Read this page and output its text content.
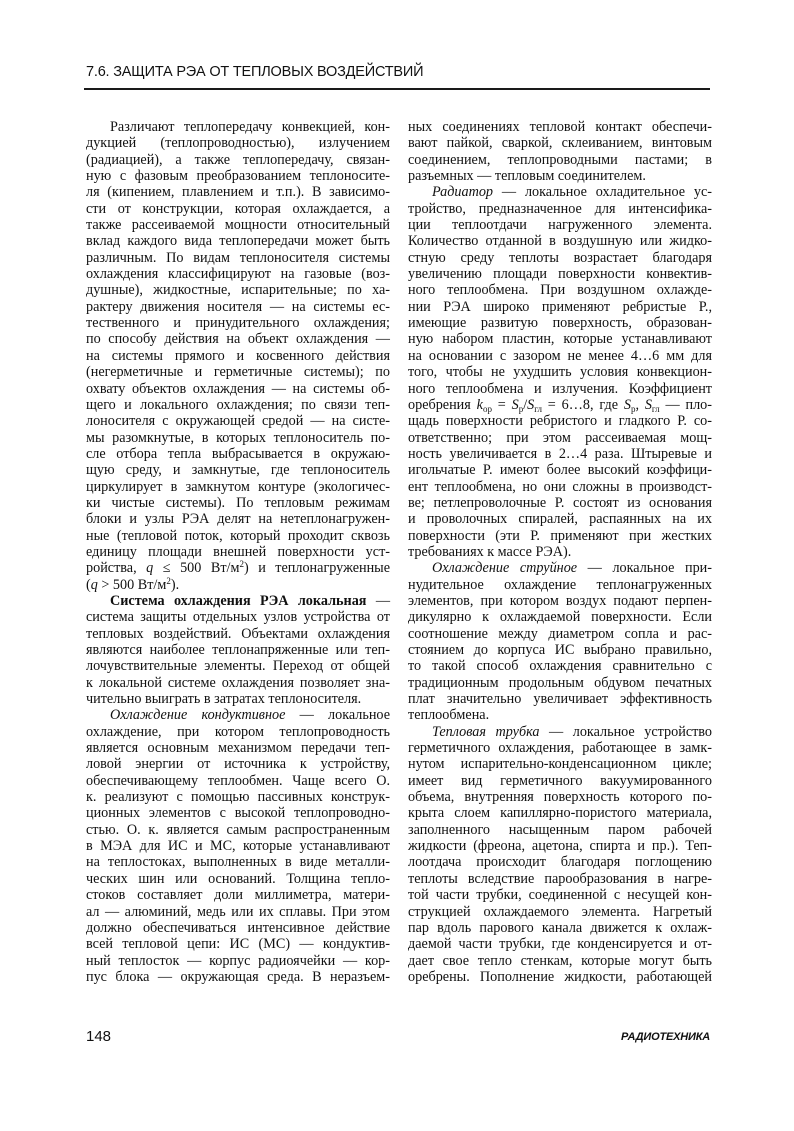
7.6. ЗАЩИТА РЭА ОТ ТЕПЛОВЫХ ВОЗДЕЙСТВИЙ
Различают теплопередачу конвекцией, кон-
дукцией (теплопроводностью), излучением
(радиацией), а также теплопередачу, связан-
ную с фазовым преобразованием теплоносите-
ля (кипением, плавлением и т.п.). В зависимо-
сти от конструкции, которая охлаждается, а
также рассеиваемой мощности относительный
вклад каждого вида теплопередачи может быть
различным. По видам теплоносителя системы
охлаждения классифицируют на газовые (воз-
душные), жидкостные, испарительные; по ха-
рактеру движения носителя — на системы ес-
тественного и принудительного охлаждения;
по способу действия на объект охлаждения —
на системы прямого и косвенного действия
(негерметичные и герметичные системы); по
охвату объектов охлаждения — на системы об-
щего и локального охлаждения; по связи теп-
лоносителя с окружающей средой — на систе-
мы разомкнутые, в которых теплоноситель по-
сле отбора тепла выбрасывается в окружаю-
щую среду, и замкнутые, где теплоноситель
циркулирует в замкнутом контуре (экологичес-
ки чистые системы). По тепловым режимам
блоки и узлы РЭА делят на нетеплонагружен-
ные (тепловой поток, который проходит сквозь
единицу площади внешней поверхности уст-
ройства, q ≤ 500 $Вт/м^2$) и теплонагруженные
(q > 500 $Вт/м^2$).
Система охлаждения РЭА локальная —
система защиты отдельных узлов устройства от
тепловых воздействий. Объектами охлаждения
являются наиболее теплонапряженные или теп-
лочувствительные элементы. Переход от общей
к локальной системе охлаждения позволяет зна-
чительно выиграть в затратах теплоносителя.
Охлаждение кондуктивное — локальное
охлаждение, при котором теплопроводность
является основным механизмом передачи теп-
ловой энергии от источника к устройству,
обеспечивающему теплообмен. Чаще всего О.
к. реализуют с помощью пассивных конструк-
ционных элементов с высокой теплопроводно-
стью. О. к. является самым распространенным
в МЭА для ИС и МС, которые устанавливают
на теплостоках, выполненных в виде металли-
ческих шин или оснований. Толщина тепло-
стоков составляет доли миллиметра, матери-
ал — алюминий, медь или их сплавы. При этом
должно обеспечиваться интенсивное действие
всей тепловой цепи: ИС (МС) — кондуктив-
ный теплосток — корпус радиоячейки — кор-
пус блока — окружающая среда. В неразъем-
ных соединениях тепловой контакт обеспечи-
вают пайкой, сваркой, склеиванием, винтовым
соединением, теплопроводными пастами; в
разъемных — тепловым соединителем.
Радиатор — локальное охладительное ус-
тройство, предназначенное для интенсифика-
ции теплоотдачи нагруженного элемента.
Количество отданной в воздушную или жидко-
стную среду теплоты возрастает благодаря
увеличению площади поверхности конвектив-
ного теплообмена. При воздушном охлажде-
нии РЭА широко применяют ребристые Р.,
имеющие развитую поверхность, образован-
ную набором пластин, которые устанавливают
на основании с зазором не менее 4…6 мм для
того, чтобы не ухудшить условия конвекцион-
ного теплообмена и излучения. Коэффициент
оребрения $k_{ор} = S_р/S_{гл}$ = 6…8, где $S_р$, $S_{гл}$ — пло-
щадь поверхности ребристого и гладкого Р. со-
ответственно; при этом рассеиваемая мощ-
ность увеличивается в 2…4 раза. Штыревые и
игольчатые Р. имеют более высокий коэффици-
ент теплообмена, но они сложны в производст-
ве; петлепроволочные Р. состоят из основания
и проволочных спиралей, распаянных на их
поверхности (эти Р. применяют при жестких
требованиях к массе РЭА).
Охлаждение струйное — локальное при-
нудительное охлаждение теплонагруженных
элементов, при котором воздух подают перпен-
дикулярно к охлаждаемой поверхности. Если
соотношение между диаметром сопла и рас-
стоянием до корпуса ИС выбрано правильно,
то такой способ охлаждения сравнительно с
традиционным продольным обдувом печатных
плат значительно увеличивает эффективность
теплообмена.
Тепловая трубка — локальное устройство
герметичного охлаждения, работающее в замк-
нутом испарительно-конденсационном цикле;
имеет вид герметичного вакуумированного
объема, внутренняя поверхность которого по-
крыта слоем капиллярно-пористого материала,
заполненного насыщенным паром рабочей
жидкости (фреона, ацетона, спирта и пр.). Теп-
лоотдача происходит благодаря поглощению
теплоты вследствие парообразования в нагре-
той части трубки, соединенной с несущей кон-
струкцией охлаждаемого элемента. Нагретый
пар вдоль парового канала движется к охлаж-
даемой части трубки, где конденсируется и от-
дает свое тепло стенкам, которые могут быть
оребрены. Пополнение жидкости, работающей
148	РАДИОТЕХНИКА
